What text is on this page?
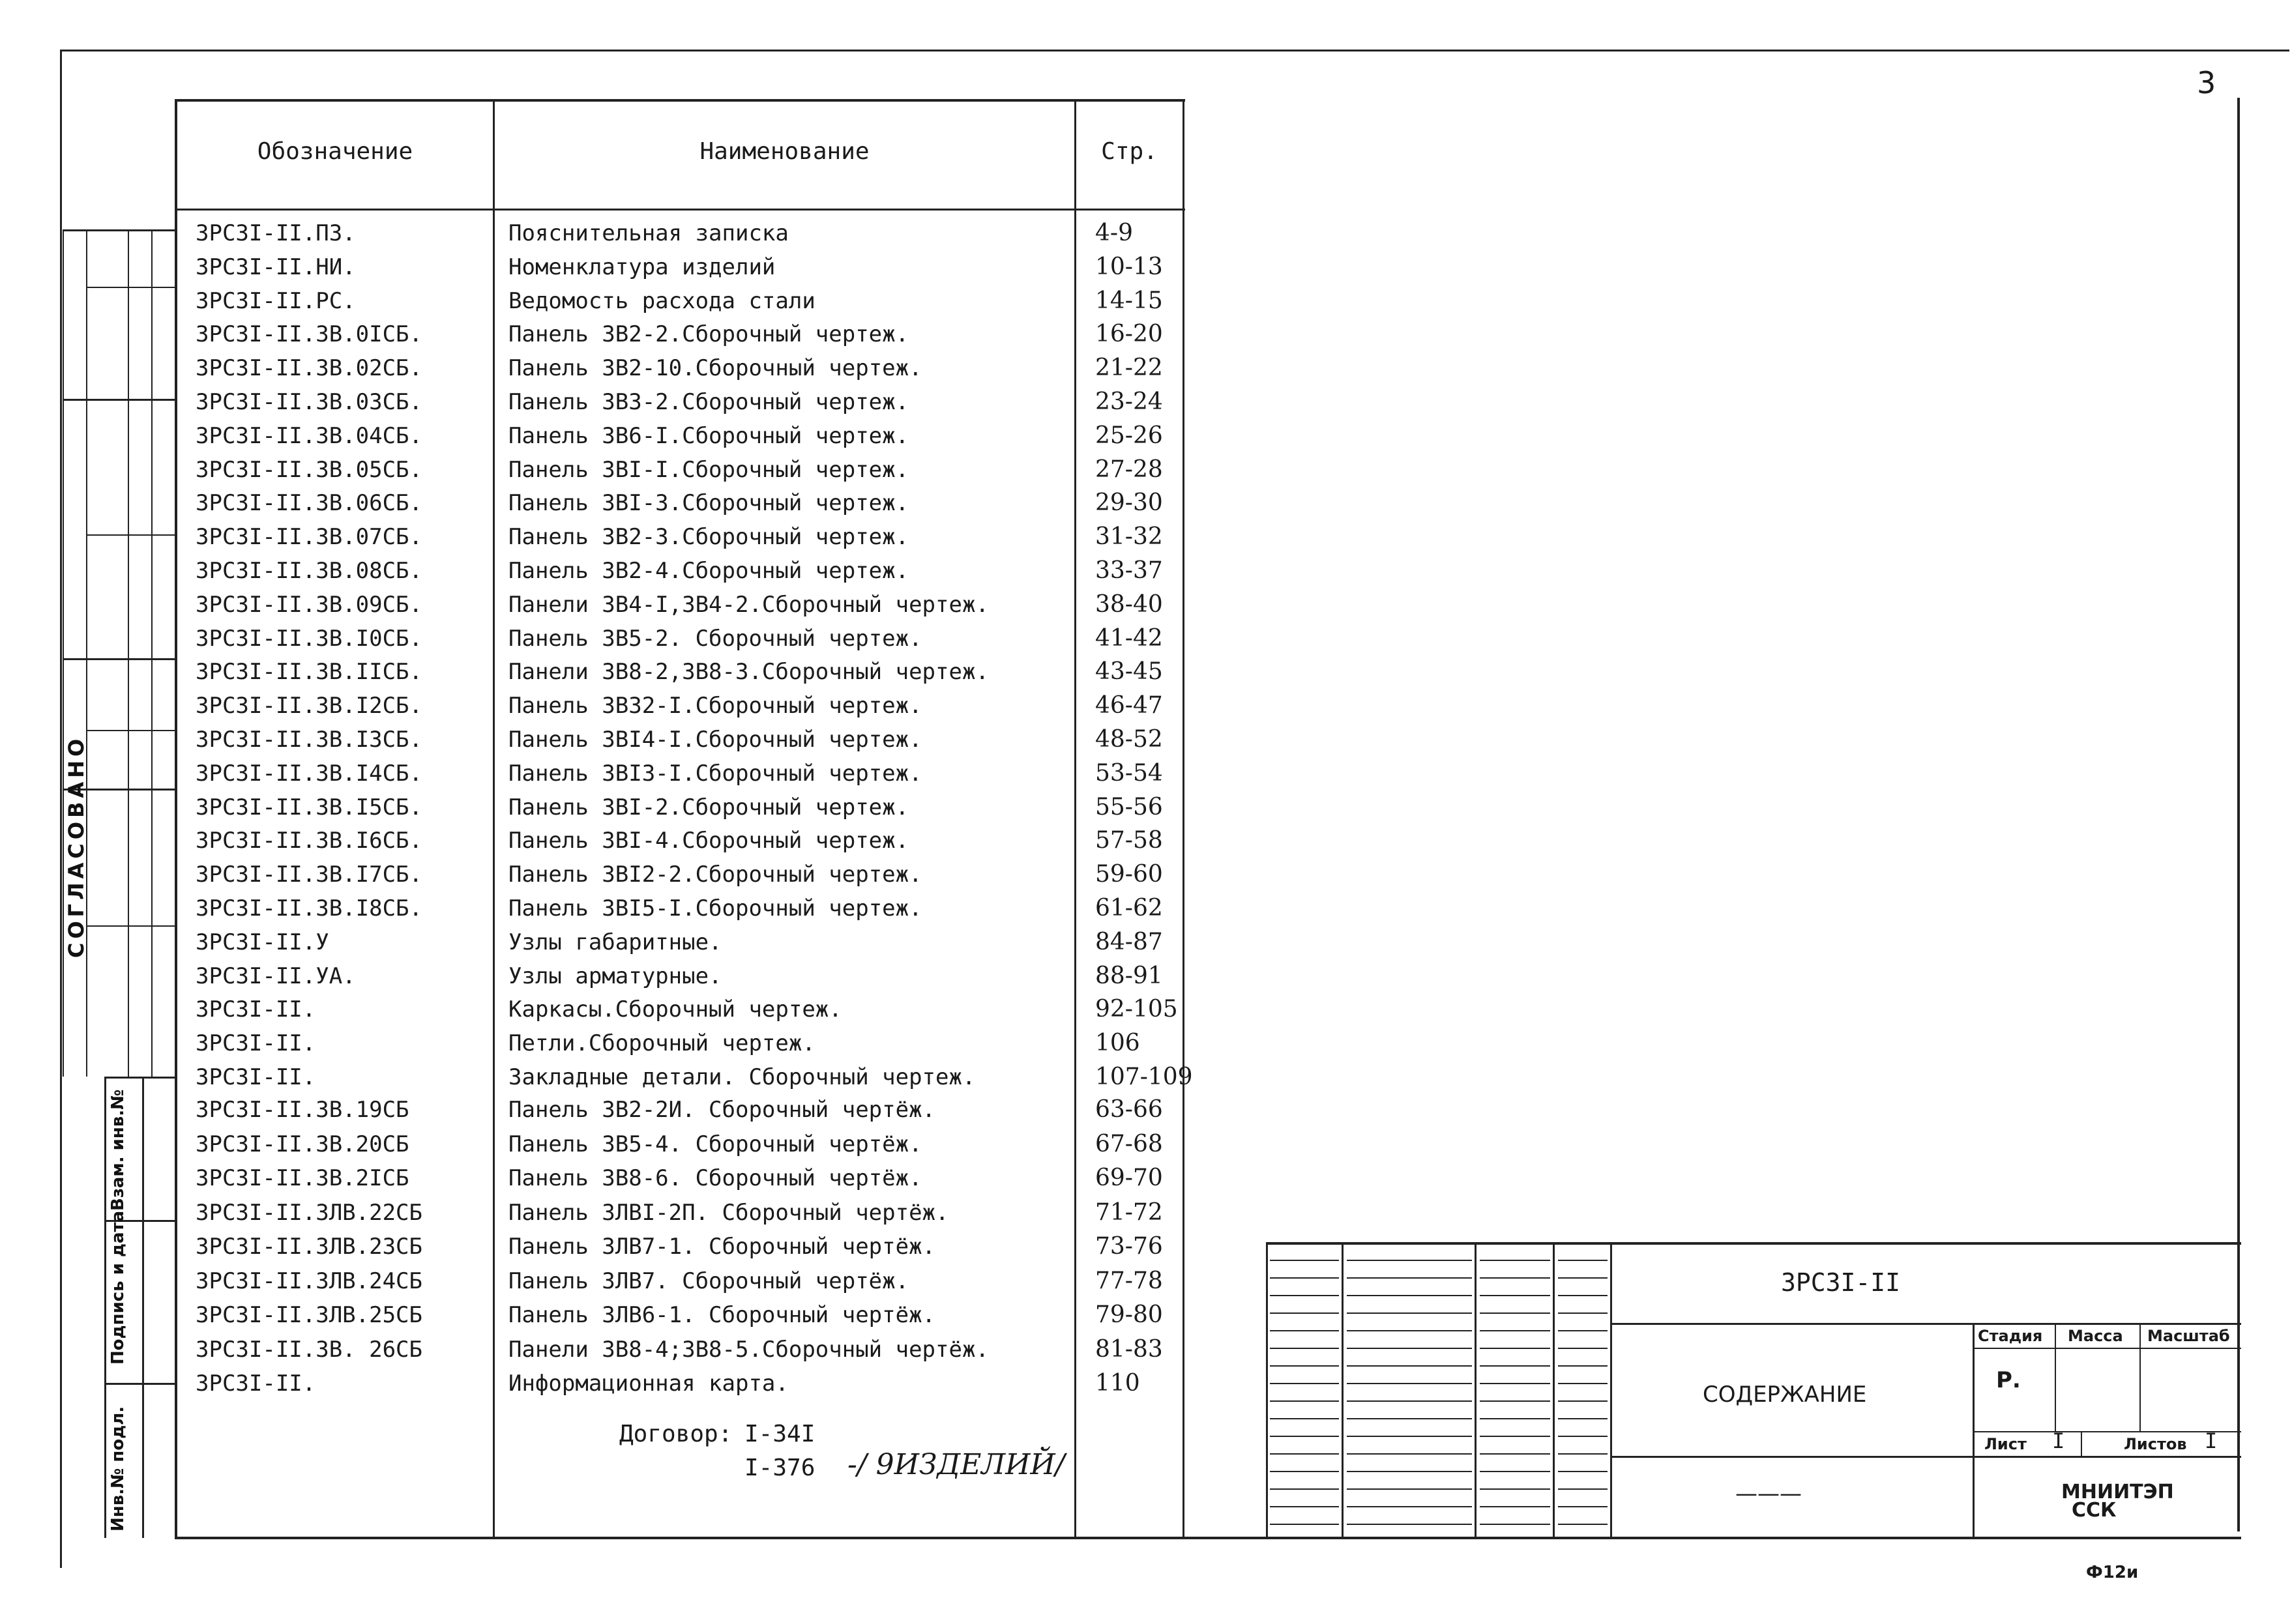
3
Обозначение	Наименование	Стр.
3РС3I-II.ПЗ.	Пояснительная записка	4-9
3РС3I-II.НИ.	Номенклатура изделий	10-13
3РС3I-II.РС.	Ведомость расхода стали	14-15
3РС3I-II.3В.0IСБ.	Панель 3В2-2.Сборочный чертеж.	16-20
3РС3I-II.3В.02СБ.	Панель 3В2-10.Сборочный чертеж.	21-22
3РС3I-II.3В.03СБ.	Панель 3В3-2.Сборочный чертеж.	23-24
3РС3I-II.3В.04СБ.	Панель 3В6-I.Сборочный чертеж.	25-26
3РС3I-II.3В.05СБ.	Панель 3ВI-I.Сборочный чертеж.	27-28
3РС3I-II.3В.06СБ.	Панель 3ВI-3.Сборочный чертеж.	29-30
3РС3I-II.3В.07СБ.	Панель 3В2-3.Сборочный чертеж.	31-32
3РС3I-II.3В.08СБ.	Панель 3В2-4.Сборочный чертеж.	33-37
3РС3I-II.3В.09СБ.	Панели 3В4-I,3В4-2.Сборочный чертеж.	38-40
3РС3I-II.3В.I0СБ.	Панель 3В5-2. Сборочный чертеж.	41-42
3РС3I-II.3В.IIСБ.	Панели 3В8-2,3В8-3.Сборочный чертеж.	43-45
3РС3I-II.3В.I2СБ.	Панель 3В32-I.Сборочный чертеж.	46-47
3РС3I-II.3В.I3СБ.	Панель 3ВI4-I.Сборочный чертеж.	48-52
3РС3I-II.3В.I4СБ.	Панель 3ВI3-I.Сборочный чертеж.	53-54
3РС3I-II.3В.I5СБ.	Панель 3ВI-2.Сборочный чертеж.	55-56
3РС3I-II.3В.I6СБ.	Панель 3ВI-4.Сборочный чертеж.	57-58
3РС3I-II.3В.I7СБ.	Панель 3ВI2-2.Сборочный чертеж.	59-60
3РС3I-II.3В.I8СБ.	Панель 3ВI5-I.Сборочный чертеж.	61-62
3РС3I-II.У	Узлы габаритные.	84-87
3РС3I-II.УА.	Узлы арматурные.	88-91
3РС3I-II.	Каркасы.Сборочный чертеж.	92-105
3РС3I-II.	Петли.Сборочный чертеж.	106
3РС3I-II.	Закладные детали. Сборочный чертеж.	107-109
3РС3I-II.3В.19СБ	Панель 3В2-2И. Сборочный чертёж.	63-66
3РС3I-II.3В.20СБ	Панель 3В5-4. Сборочный чертёж.	67-68
3РС3I-II.3В.2IСБ	Панель 3В8-6. Сборочный чертёж.	69-70
3РС3I-II.3ЛВ.22СБ	Панель 3ЛВI-2П. Сборочный чертёж.	71-72
3РС3I-II.3ЛВ.23СБ	Панель 3ЛВ7-1. Сборочный чертёж.	73-76
3РС3I-II.3ЛВ.24СБ	Панель 3ЛВ7. Сборочный чертёж.	77-78
3РС3I-II.3ЛВ.25СБ	Панель 3ЛВ6-1. Сборочный чертёж.	79-80
3РС3I-II.3В. 26СБ	Панели 3В8-4;3В8-5.Сборочный чертёж.	81-83
3РС3I-II.	Информационная карта.	110
Договор: I-34I
I-376 -/ 9ИЗДЕЛИЙ/
СОГЛАСОВАНО
Взам. инв.№
Подпись и дата
Инв.№ подл.
3РС3I-II
СОДЕРЖАНИЕ
———
Стадия Масса Масштаб
Р.
Лист I	Листов I
МНИИТЭП
ССК
Ф12и
